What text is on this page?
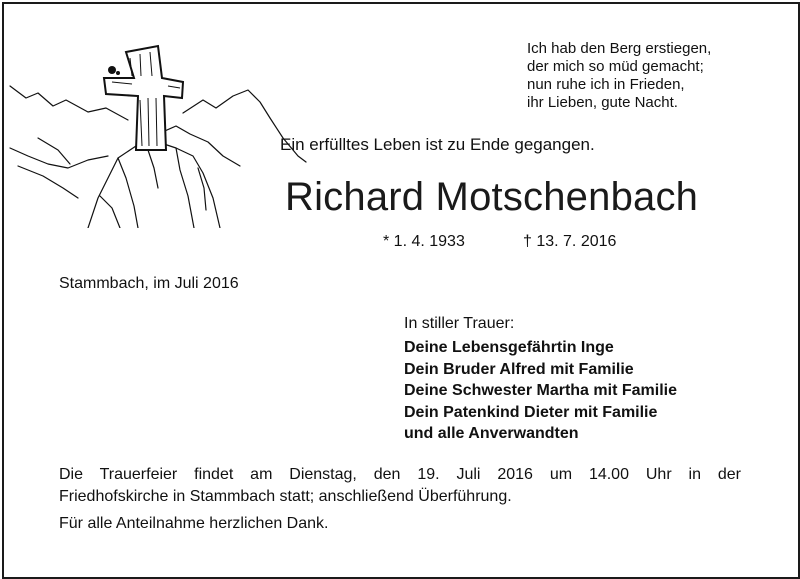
Ich hab den Berg erstiegen,
der mich so müd gemacht;
nun ruhe ich in Frieden,
ihr Lieben, gute Nacht.
Ein erfülltes Leben ist zu Ende gegangen.
Richard Motschenbach
* 1. 4. 1933	† 13. 7. 2016
Stammbach, im Juli 2016
In stiller Trauer:
Deine Lebensgefährtin Inge
Dein Bruder Alfred mit Familie
Deine Schwester Martha mit Familie
Dein Patenkind Dieter mit Familie
und alle Anverwandten
Die Trauerfeier findet am Dienstag, den 19. Juli 2016 um 14.00 Uhr in der
Friedhofskirche in Stammbach statt; anschließend Überführung.
Für alle Anteilnahme herzlichen Dank.
